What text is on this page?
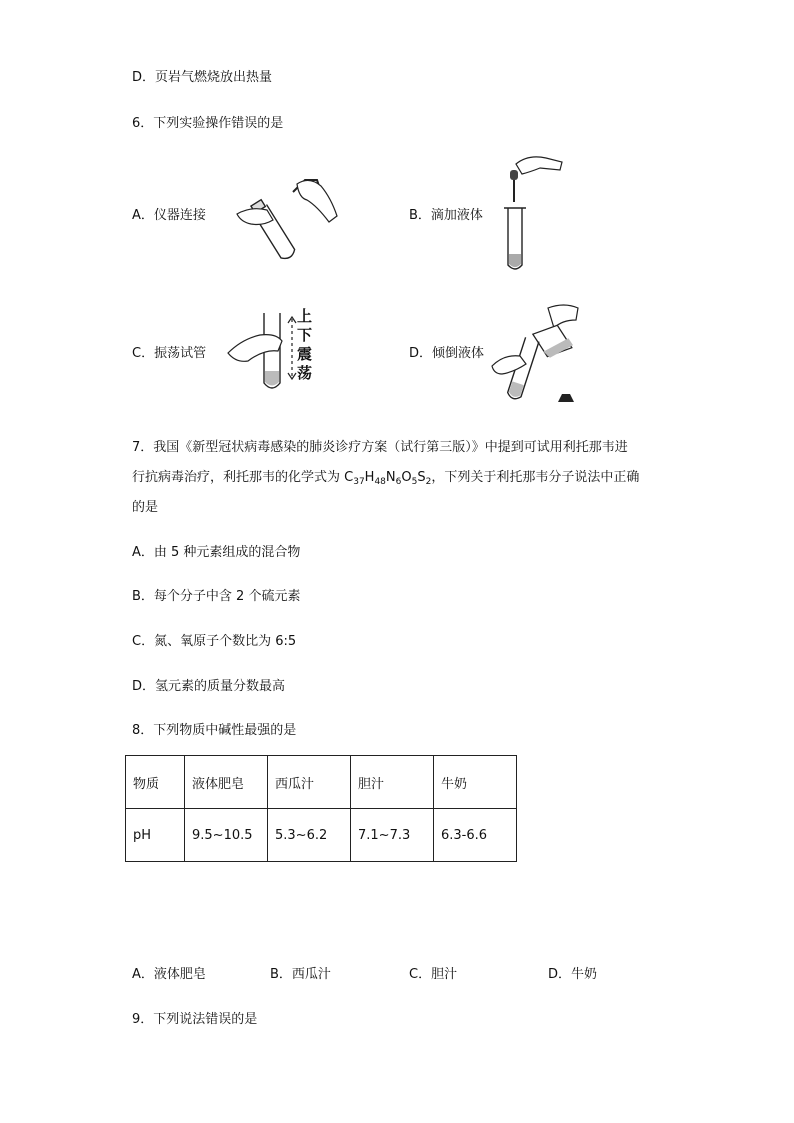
D．页岩气燃烧放出热量
6．下列实验操作错误的是
A．仪器连接	B．滴加液体
C．振荡试管
上
下
震
荡
D．倾倒液体
7．我国《新型冠状病毒感染的肺炎诊疗方案（试行第三版）》中提到可试用利托那韦进
行抗病毒治疗，利托那韦的化学式为 $C_{37}H_{48}N_6O_5S_2$，下列关于利托那韦分子说法中正确
的是
A．由 5 种元素组成的混合物
B．每个分子中含 2 个硫元素
C．氮、氧原子个数比为 6:5
D．氢元素的质量分数最高
8．下列物质中碱性最强的是
物质	液体肥皂	西瓜汁	胆汁	牛奶
pH	9.5~10.5	5.3~6.2	7.1~7.3	6.3-6.6
A．液体肥皂	B．西瓜汁	C．胆汁	D．牛奶
9．下列说法错误的是
